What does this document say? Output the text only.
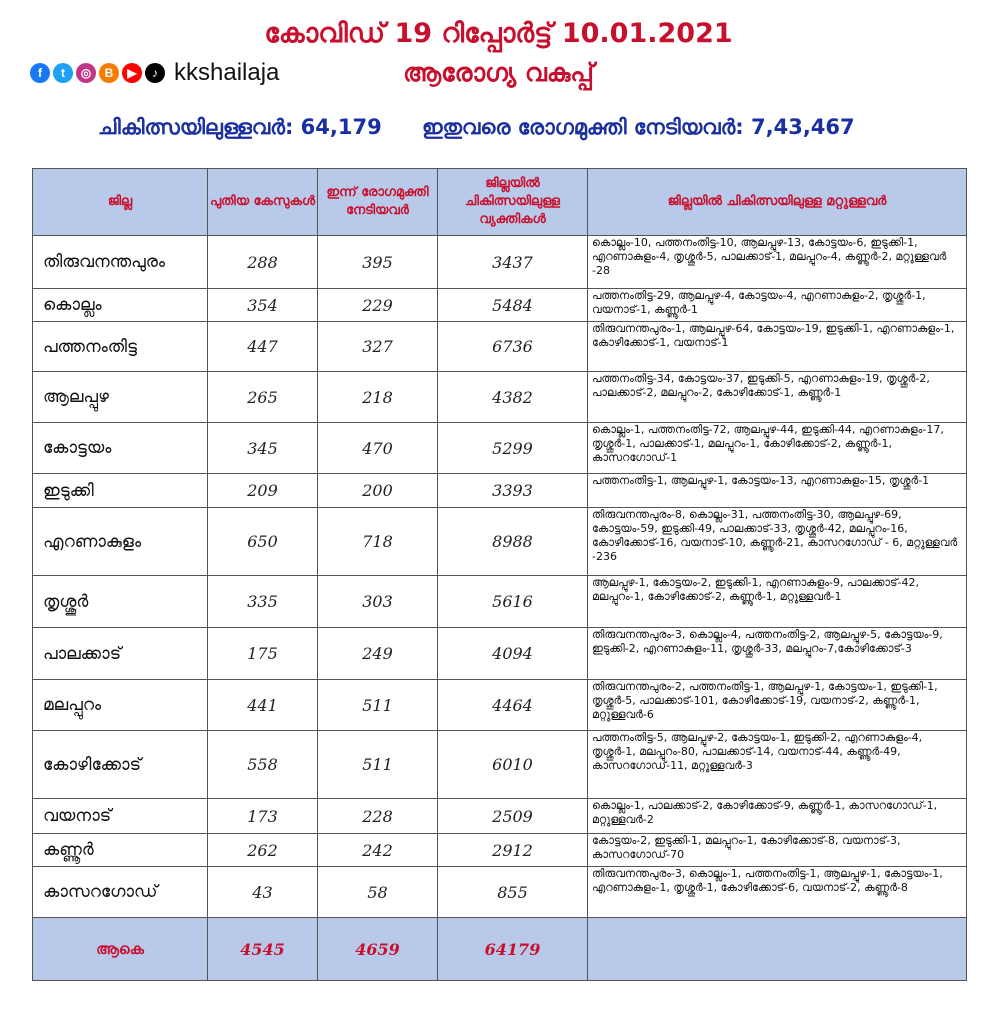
കോവിഡ് 19 റിപ്പോർട്ട് 10.01.2021
ആരോഗ്യ വകുപ്പ്
f	t	◎	B	▶	♪ kkshailaja
ചികിത്സയിലുള്ളവർ: 64,179 ഇതുവരെ രോഗമുക്തി നേടിയവർ: 7,43,467
ജില്ല	പുതിയ കേസുകൾ	ഇന്ന് രോഗമുക്തി നേടിയവർ	ജില്ലയിൽ ചികിത്സയിലുള്ള വ്യക്തികൾ	ജില്ലയിൽ ചികിത്സയിലുള്ള മറ്റുള്ളവർ
തിരുവനന്തപുരം	288	395	3437	കൊല്ലം-10, പത്തനംതിട്ട-10, ആലപ്പുഴ-13, കോട്ടയം-6, ഇടുക്കി-1, എറണാകുളം-4, തൃശ്ശൂർ-5, പാലക്കാട്-1, മലപ്പുറം-4, കണ്ണൂർ-2, മറ്റുള്ളവർ -28
കൊല്ലം	354	229	5484	പത്തനംതിട്ട-29, ആലപ്പുഴ-4, കോട്ടയം-4, എറണാകുളം-2, തൃശ്ശൂർ-1, വയനാട്-1, കണ്ണൂർ-1
പത്തനംതിട്ട	447	327	6736	തിരുവനന്തപുരം-1, ആലപ്പുഴ-64, കോട്ടയം-19, ഇടുക്കി-1, എറണാകുളം-1, കോഴിക്കോട്-1, വയനാട്-1
ആലപ്പുഴ	265	218	4382	പത്തനംതിട്ട-34, കോട്ടയം-37, ഇടുക്കി-5, എറണാകുളം-19, തൃശ്ശൂർ-2, പാലക്കാട്-2, മലപ്പുറം-2, കോഴിക്കോട്-1, കണ്ണൂർ-1
കോട്ടയം	345	470	5299	കൊല്ലം-1, പത്തനംതിട്ട-72, ആലപ്പുഴ-44, ഇടുക്കി-44, എറണാകുളം-17, തൃശ്ശൂർ-1, പാലക്കാട്-1, മലപ്പുറം-1, കോഴിക്കോട്-2, കണ്ണൂർ-1, കാസറഗോഡ്-1
ഇടുക്കി	209	200	3393	പത്തനംതിട്ട-1, ആലപ്പുഴ-1, കോട്ടയം-13, എറണാകുളം-15, തൃശ്ശൂർ-1
എറണാകുളം	650	718	8988	തിരുവനന്തപുരം-8, കൊല്ലം-31, പത്തനംതിട്ട-30, ആലപ്പുഴ-69, കോട്ടയം-59, ഇടുക്കി-49, പാലക്കാട്-33, തൃശ്ശൂർ-42, മലപ്പുറം-16, കോഴിക്കോട്-16, വയനാട്-10, കണ്ണൂർ-21, കാസറഗോഡ് - 6, മറ്റുള്ളവർ -236
തൃശ്ശൂർ	335	303	5616	ആലപ്പുഴ-1, കോട്ടയം-2, ഇടുക്കി-1, എറണാകുളം-9, പാലക്കാട്-42, മലപ്പുറം-1, കോഴിക്കോട്-2, കണ്ണൂർ-1, മറ്റുള്ളവർ-1
പാലക്കാട്	175	249	4094	തിരുവനന്തപുരം-3, കൊല്ലം-4, പത്തനംതിട്ട-2, ആലപ്പുഴ-5, കോട്ടയം-9, ഇടുക്കി-2, എറണാകുളം-11, തൃശ്ശൂർ-33, മലപ്പുറം-7,കോഴിക്കോട്-3
മലപ്പുറം	441	511	4464	തിരുവനന്തപുരം-2, പത്തനംതിട്ട-1, ആലപ്പുഴ-1, കോട്ടയം-1, ഇടുക്കി-1, തൃശ്ശൂർ-5, പാലക്കാട്-101, കോഴിക്കോട്-19, വയനാട്-2, കണ്ണൂർ-1, മറ്റുള്ളവർ-6
കോഴിക്കോട്	558	511	6010	പത്തനംതിട്ട-5, ആലപ്പുഴ-2, കോട്ടയം-1, ഇടുക്കി-2, എറണാകുളം-4, തൃശ്ശൂർ-1, മലപ്പുറം-80, പാലക്കാട്-14, വയനാട്-44, കണ്ണൂർ-49, കാസറഗോഡ്-11, മറ്റുള്ളവർ-3
വയനാട്	173	228	2509	കൊല്ലം-1, പാലക്കാട്-2, കോഴിക്കോട്-9, കണ്ണൂർ-1, കാസറഗോഡ്-1, മറ്റുള്ളവർ-2
കണ്ണൂർ	262	242	2912	കോട്ടയം-2, ഇടുക്കി-1, മലപ്പുറം-1, കോഴിക്കോട്-8, വയനാട്-3, കാസറഗോഡ്-70
കാസറഗോഡ്	43	58	855	തിരുവനന്തപുരം-3, കൊല്ലം-1, പത്തനംതിട്ട-1, ആലപ്പുഴ-1, കോട്ടയം-1, എറണാകുളം-1, തൃശ്ശൂർ-1, കോഴിക്കോട്-6, വയനാട്-2, കണ്ണൂർ-8
ആകെ	4545	4659	64179	
